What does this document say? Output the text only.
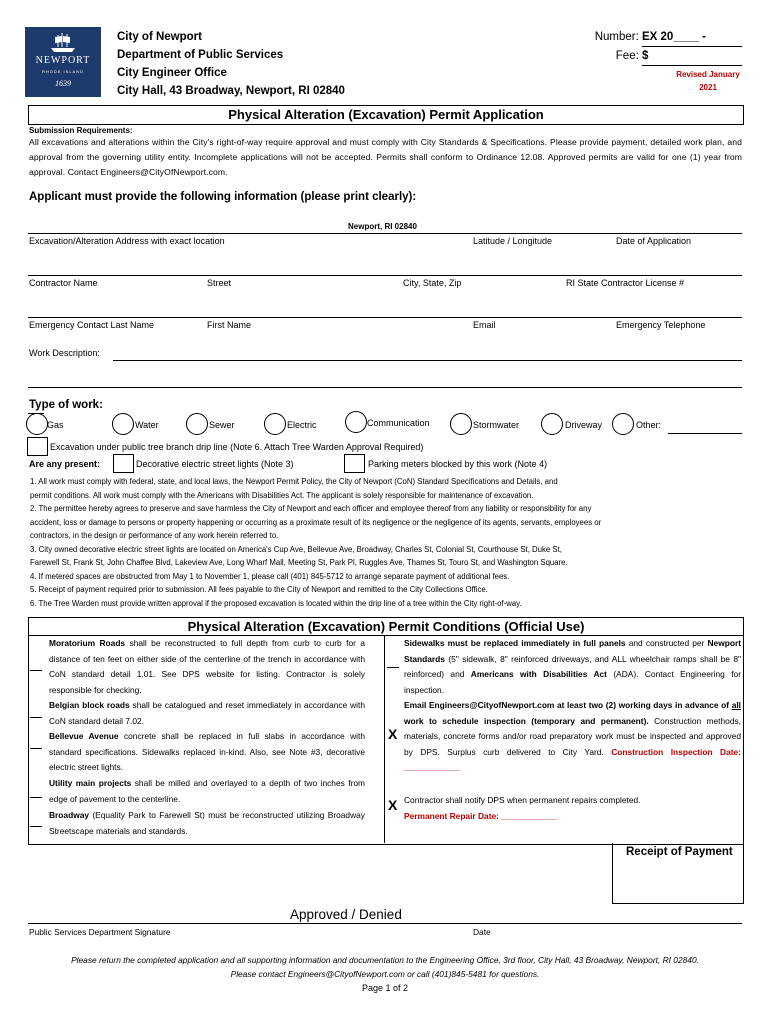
NEWPORT
RHODE ISLAND
1639
City of Newport
Department of Public Services
City Engineer Office
City Hall, 43 Broadway, Newport, RI 02840
Number: EX 20____ -
Fee: $
Revised January
2021
Physical Alteration (Excavation) Permit Application
Submission Requirements:
All excavations and alterations within the City's right-of-way require approval and must comply with City Standards & Specifications. Please provide payment, detailed work plan, and approval from the governing utility entity. Incomplete applications will not be accepted. Permits shall conform to Ordinance 12.08. Approved permits are valid for one (1) year from approval. Contact Engineers@CityOfNewport.com.
Applicant must provide the following information (please print clearly):
Newport, RI 02840
Excavation/Alteration Address with exact location	Latitude / Longitude	Date of Application
Contractor Name	Street	City, State, Zip	RI State Contractor License #
Emergency Contact Last Name	First Name	Email	Emergency Telephone
Work Description:
Type of work:
Gas	Water	Sewer	Electric	Communication	Stormwater	Driveway	Other:
Excavation under public tree branch drip line (Note 6. Attach Tree Warden Approval Required)
Are any present:	Decorative electric street lights (Note 3)	Parking meters blocked by this work (Note 4)
1. All work must comply with federal, state, and local laws, the Newport Permit Policy, the City of Newport (CoN) Standard Specifications and Details, and
permit conditions. All work must comply with the Americans with Disabilities Act. The applicant is solely responsible for maintenance of excavation.
2. The permittee hereby agrees to preserve and save harmless the City of Newport and each officer and employee thereof from any liability or responsibility for any
accident, loss or damage to persons or property happening or occurring as a proximate result of its negligence or the negligence of its agents, servants, employees or
contractors, in the design or performance of any work herein referred to.
3. City owned decorative electric street lights are located on America's Cup Ave, Bellevue Ave, Broadway, Charles St, Colonial St, Courthouse St, Duke St,
Farewell St, Frank St, John Chaffee Blvd, Lakeview Ave, Long Wharf Mall, Meeting St, Park Pl, Ruggles Ave, Thames St, Touro St, and Washington Square.
4. If metered spaces are obstructed from May 1 to November 1, please call (401) 845-5712 to arrange separate payment of additional fees.
5. Receipt of payment required prior to submission. All fees payable to the City of Newport and remitted to the City Collections Office.
6. The Tree Warden must provide written approval if the proposed excavation is located within the drip line of a tree within the City right-of-way.
Physical Alteration (Excavation) Permit Conditions (Official Use)
Moratorium Roads shall be reconstructed to full depth from curb to curb for a distance of ten feet on either side of the centerline of the trench in accordance with CoN standard detail 1.01. See DPS website for listing. Contractor is solely responsible for checking.
Belgian block roads shall be catalogued and reset immediately in accordance with CoN standard detail 7.02.
Bellevue Avenue concrete shall be replaced in full slabs in accordance with standard specifications. Sidewalks replaced in-kind. Also, see Note #3, decorative electric street lights.
Utility main projects shall be milled and overlayed to a depth of two inches from edge of pavement to the centerline.
Broadway (Equality Park to Farewell St) must be reconstructed utilizing Broadway Streetscape materials and standards.
Sidewalks must be replaced immediately in full panels and constructed per Newport Standards (5" sidewalk, 8" reinforced driveways, and ALL wheelchair ramps shall be 8" reinforced) and Americans with Disabilities Act (ADA). Contact Engineering for inspection.
X
Email Engineers@CityofNewport.com at least two (2) working days in advance of all work to schedule inspection (temporary and permanent). Construction methods, materials, concrete forms and/or road preparatory work must be inspected and approved by DPS. Surplus curb delivered to City Yard. Construction Inspection Date: ____________
X Contractor shall notify DPS when permanent repairs completed.
Permanent Repair Date: ____________
Receipt of Payment
Approved / Denied
Public Services Department Signature	Date
Please return the completed application and all supporting information and documentation to the Engineering Office, 3rd floor, City Hall, 43 Broadway, Newport, RI 02840.
Please contact Engineers@CityofNewport.com or call (401)845-5481 for questions.
Page 1 of 2
